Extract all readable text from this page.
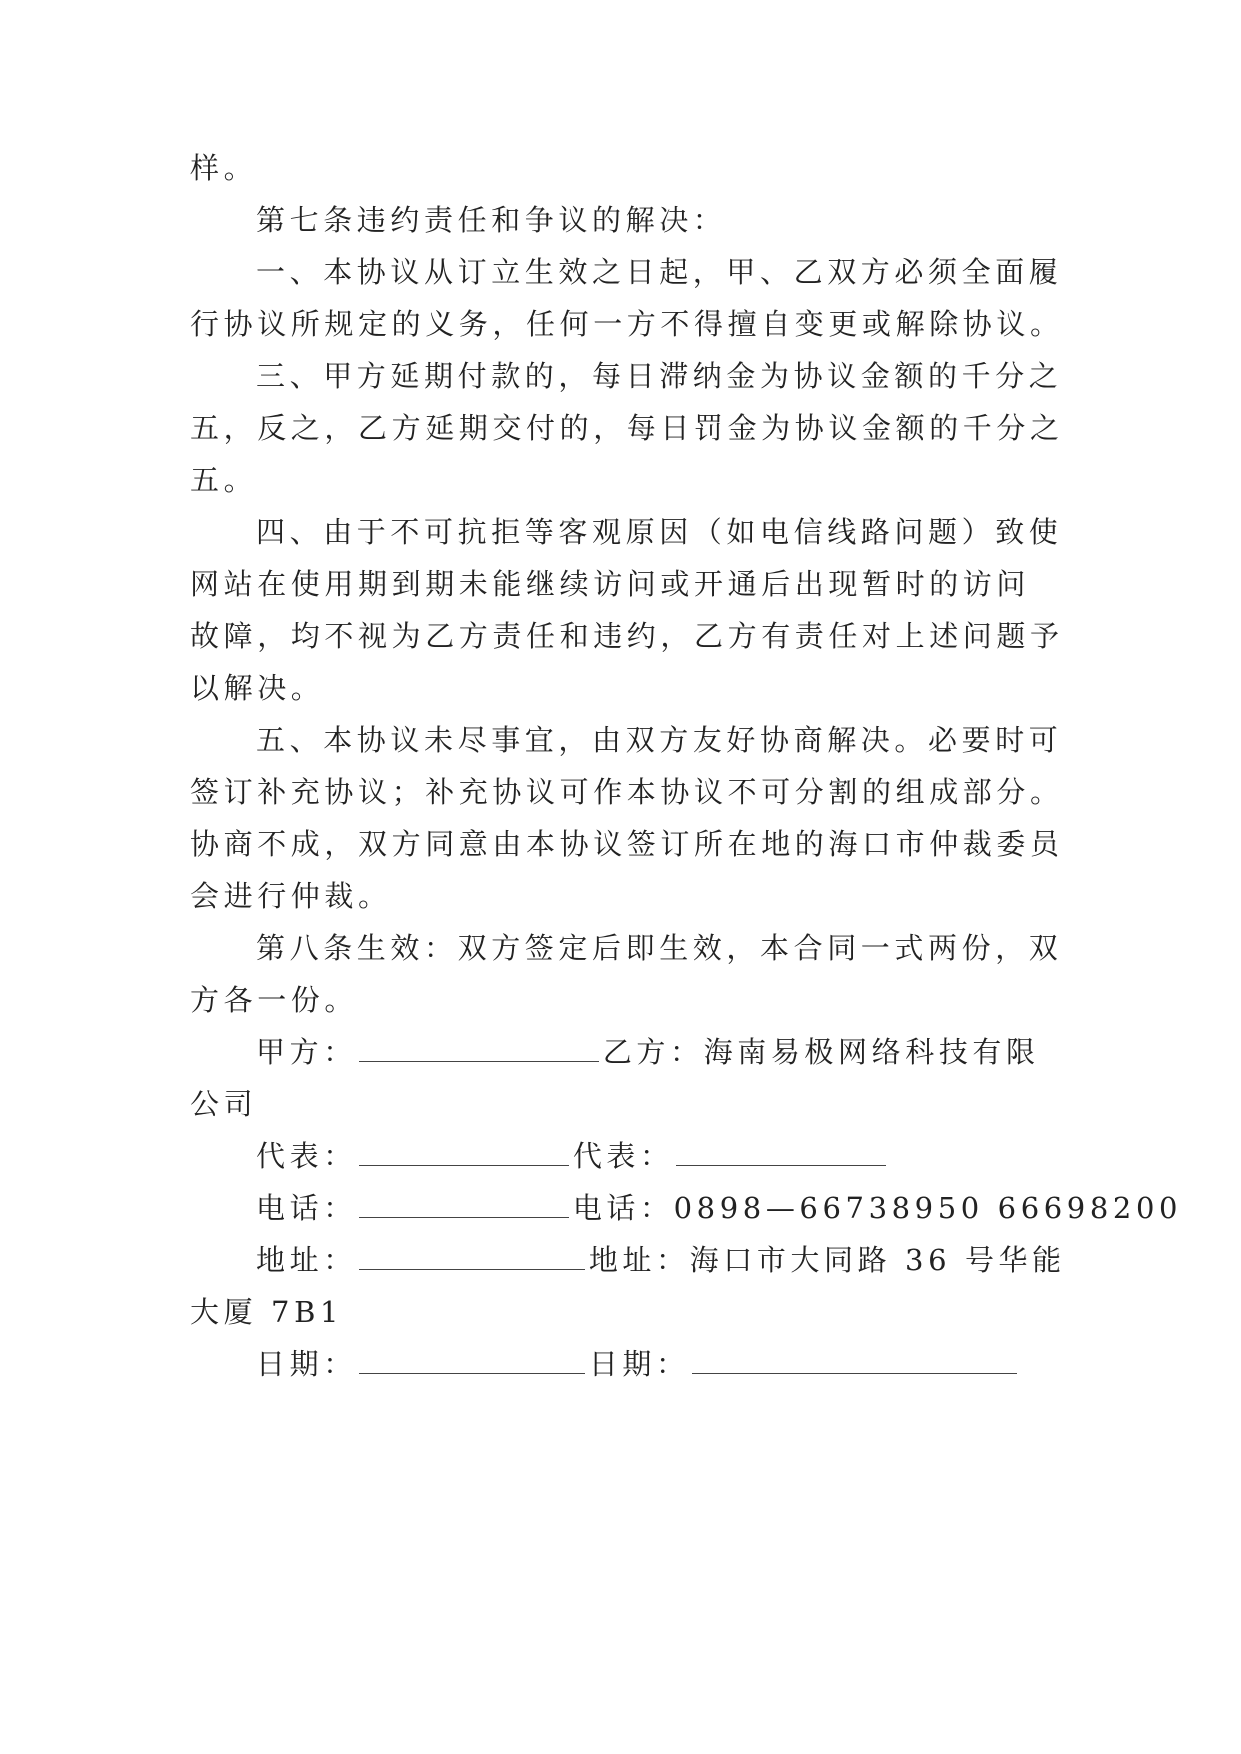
样。
第七条违约责任和争议的解决：
一、本协议从订立生效之日起，甲、乙双方必须全面履
行协议所规定的义务，任何一方不得擅自变更或解除协议。
三、甲方延期付款的，每日滞纳金为协议金额的千分之
五，反之，乙方延期交付的，每日罚金为协议金额的千分之
五。
四、由于不可抗拒等客观原因（如电信线路问题）致使
网站在使用期到期未能继续访问或开通后出现暂时的访问
故障，均不视为乙方责任和违约，乙方有责任对上述问题予
以解决。
五、本协议未尽事宜，由双方友好协商解决。必要时可
签订补充协议；补充协议可作本协议不可分割的组成部分。
协商不成，双方同意由本协议签订所在地的海口市仲裁委员
会进行仲裁。
第八条生效：双方签定后即生效，本合同一式两份，双
方各一份。
甲方：	乙方：海南易极网络科技有限
公司
代表：	代表：
电话：	电话：0898—66738950 66698200
地址：	地址：海口市大同路 36 号华能
大厦 7B1
日期：	日期：
